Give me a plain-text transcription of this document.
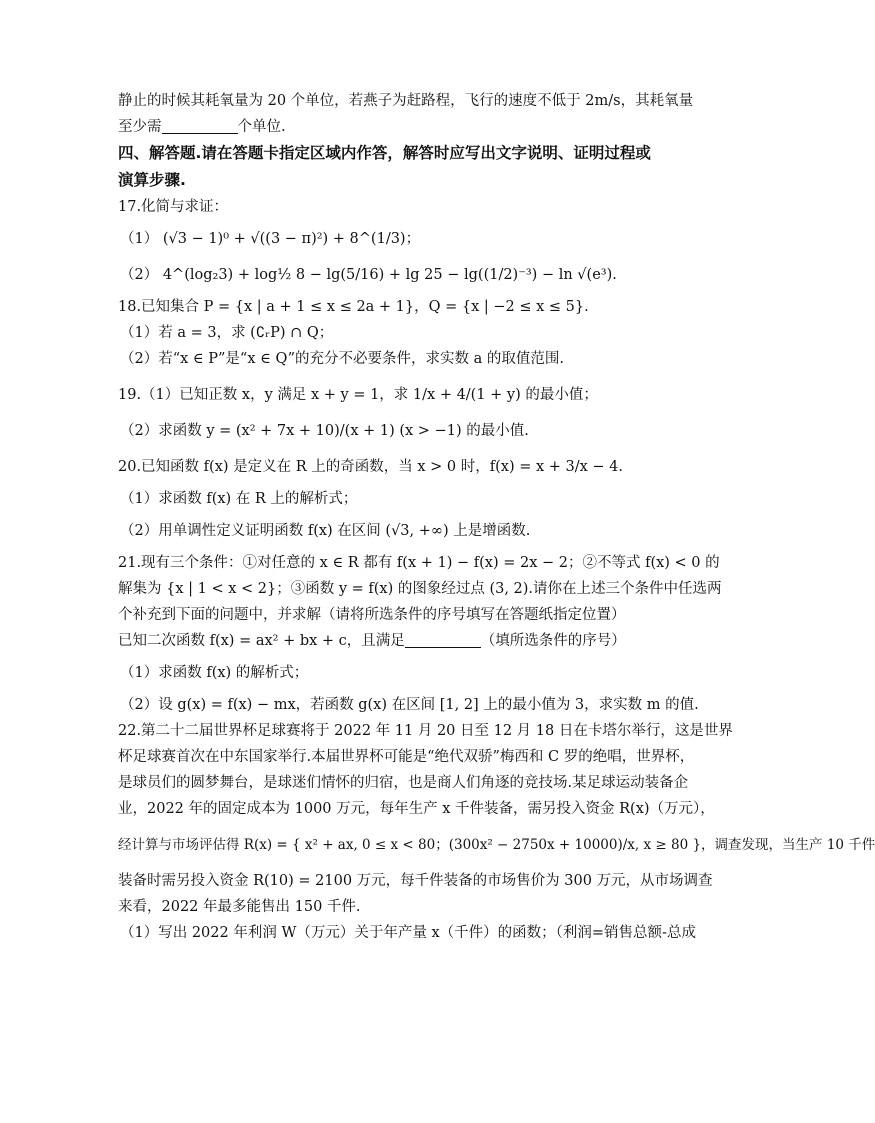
静止的时候其耗氧量为 20 个单位，若燕子为赶路程，飞行的速度不低于 2m/s，其耗氧量
至少需	个单位.
四、解答题.请在答题卡指定区域内作答，解答时应写出文字说明、证明过程或
演算步骤.
17.化简与求证：
（1） (√3 − 1)⁰ + √((3 − π)²) + 8^(1/3)；
（2） 4^(log₂3) + log½ 8 − lg(5/16) + lg 25 − lg((1/2)⁻³) − ln √(e³).
18.已知集合 P = {x | a + 1 ≤ x ≤ 2a + 1}，Q = {x | −2 ≤ x ≤ 5}.
（1）若 a = 3，求 (∁ᵣP) ∩ Q；
（2）若“x ∈ P”是“x ∈ Q”的充分不必要条件，求实数 a 的取值范围.
19.（1）已知正数 x，y 满足 x + y = 1，求 1/x + 4/(1 + y) 的最小值；
（2）求函数 y = (x² + 7x + 10)/(x + 1) (x > −1) 的最小值.
20.已知函数 f(x) 是定义在 R 上的奇函数，当 x > 0 时，f(x) = x + 3/x − 4.
（1）求函数 f(x) 在 R 上的解析式；
（2）用单调性定义证明函数 f(x) 在区间 (√3, +∞) 上是增函数.
21.现有三个条件：①对任意的 x ∈ R 都有 f(x + 1) − f(x) = 2x − 2；②不等式 f(x) < 0 的
解集为 {x | 1 < x < 2}；③函数 y = f(x) 的图象经过点 (3, 2).请你在上述三个条件中任选两
个补充到下面的问题中，并求解（请将所选条件的序号填写在答题纸指定位置）
已知二次函数 f(x) = ax² + bx + c，且满足	（填所选条件的序号）
（1）求函数 f(x) 的解析式；
（2）设 g(x) = f(x) − mx，若函数 g(x) 在区间 [1, 2] 上的最小值为 3，求实数 m 的值.
22.第二十二届世界杯足球赛将于 2022 年 11 月 20 日至 12 月 18 日在卡塔尔举行，这是世界
杯足球赛首次在中东国家举行.本届世界杯可能是“绝代双骄”梅西和 C 罗的绝唱，世界杯，
是球员们的圆梦舞台，是球迷们情怀的归宿，也是商人们角逐的竞技场.某足球运动装备企
业，2022 年的固定成本为 1000 万元，每年生产 x 千件装备，需另投入资金 R(x)（万元），
经计算与市场评估得 R(x) = { x² + ax, 0 ≤ x < 80；(300x² − 2750x + 10000)/x, x ≥ 80 }，调查发现，当生产 10 千件
装备时需另投入资金 R(10) = 2100 万元，每千件装备的市场售价为 300 万元，从市场调查
来看，2022 年最多能售出 150 千件.
（1）写出 2022 年利润 W（万元）关于年产量 x（千件）的函数；（利润=销售总额-总成
